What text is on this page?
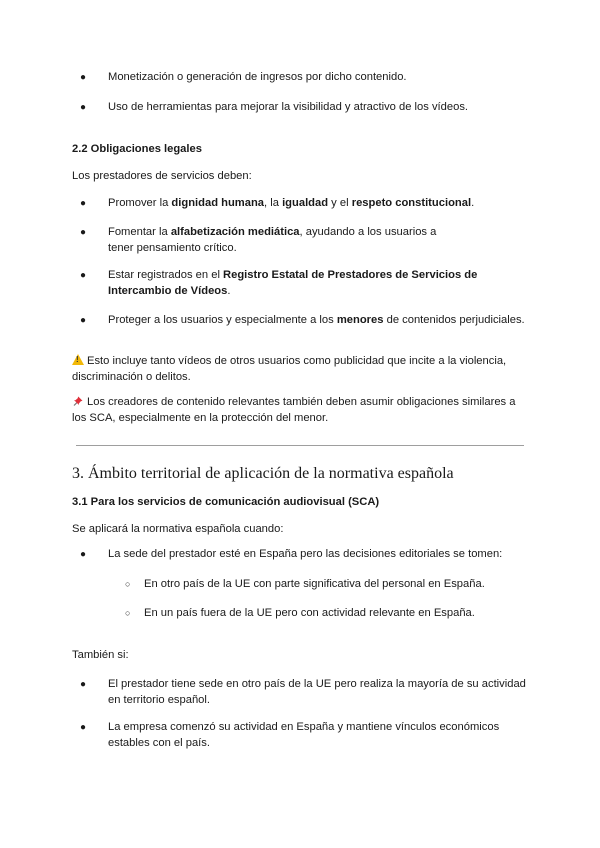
● Monetización o generación de ingresos por dicho contenido.
● Uso de herramientas para mejorar la visibilidad y atractivo de los vídeos.
2.2 Obligaciones legales
Los prestadores de servicios deben:
● Promover la dignidad humana, la igualdad y el respeto constitucional.
● Fomentar la alfabetización mediática, ayudando a los usuarios a tener pensamiento crítico.
● Estar registrados en el Registro Estatal de Prestadores de Servicios de Intercambio de Vídeos.
● Proteger a los usuarios y especialmente a los menores de contenidos perjudiciales.
!Esto incluye tanto vídeos de otros usuarios como publicidad que incite a la violencia, discriminación o delitos.
Los creadores de contenido relevantes también deben asumir obligaciones similares a los SCA, especialmente en la protección del menor.
3. Ámbito territorial de aplicación de la normativa española
3.1 Para los servicios de comunicación audiovisual (SCA)
Se aplicará la normativa española cuando:
● La sede del prestador esté en España pero las decisiones editoriales se tomen:
○ En otro país de la UE con parte significativa del personal en España.
○ En un país fuera de la UE pero con actividad relevante en España.
También si:
● El prestador tiene sede en otro país de la UE pero realiza la mayoría de su actividad en territorio español.
● La empresa comenzó su actividad en España y mantiene vínculos económicos estables con el país.
